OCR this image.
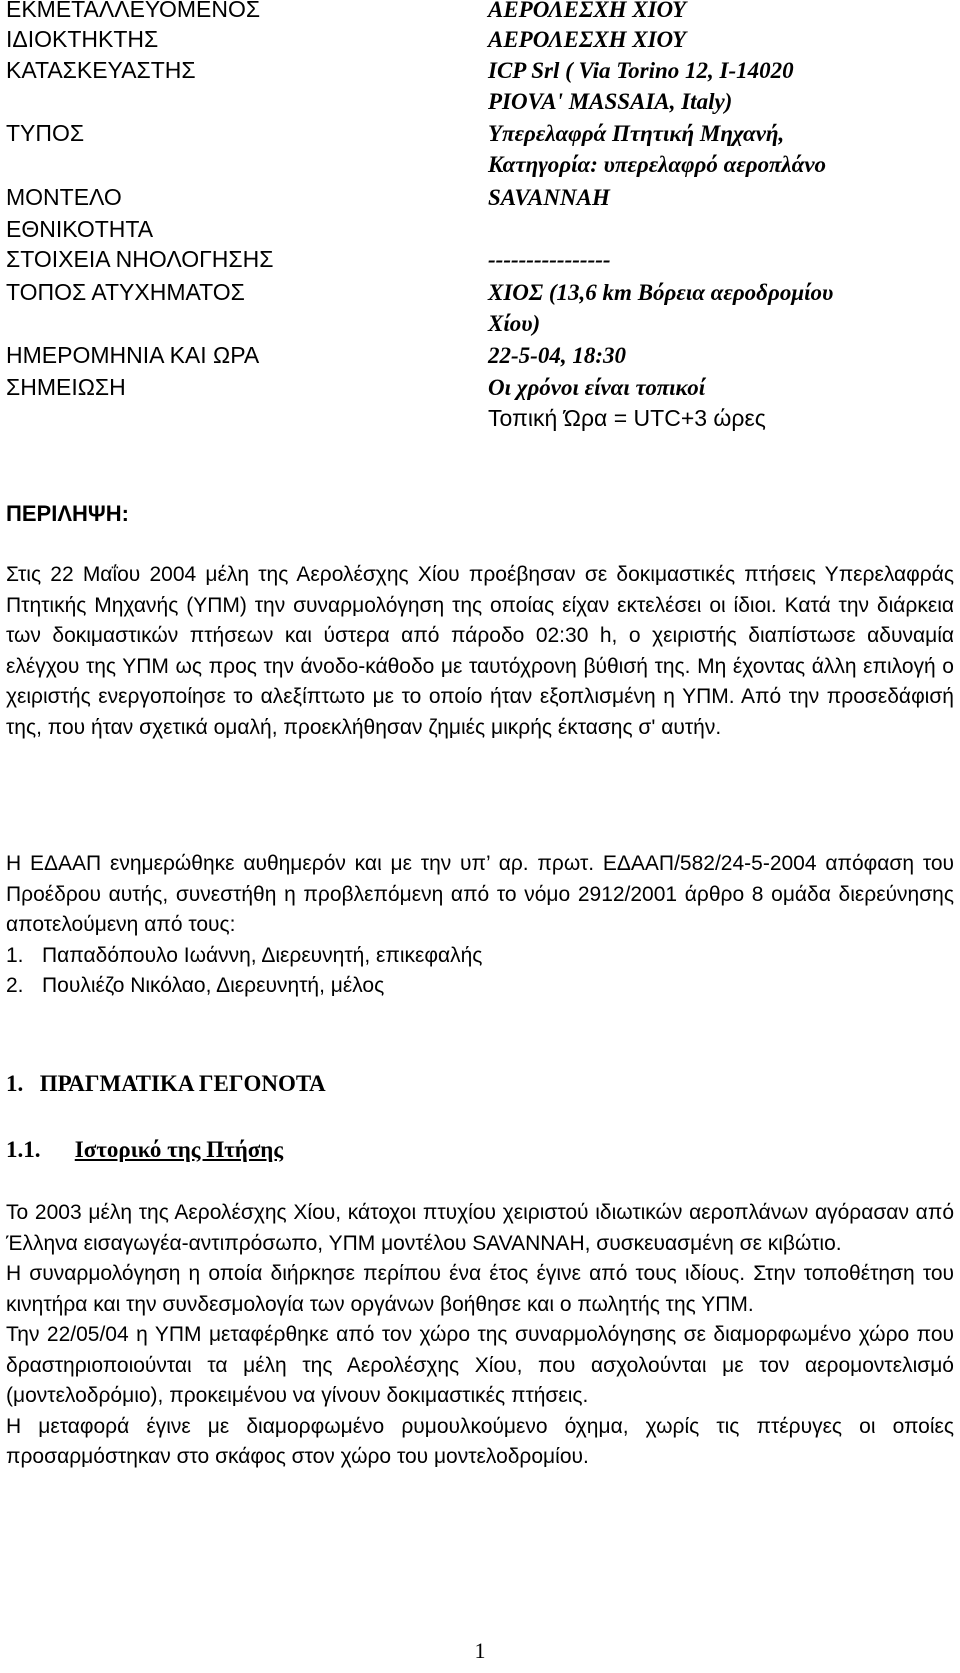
ΕΚΜΕΤΑΛΛΕΥΟΜΕΝΟΣ	ΑΕΡΟΛΕΣΧΗ ΧΙΟΥ
ΙΔΙΟΚΤΗΚΤΗΣ	ΑΕΡΟΛΕΣΧΗ ΧΙΟΥ
ΚΑΤΑΣΚΕΥΑΣΤΗΣ	ICP Srl ( Via Torino 12, I-14020
PIOVA' MASSAIA, Italy)
ΤΥΠΟΣ	Υπερελαφρά Πτητική Μηχανή,
Κατηγορία: υπερελαφρό αεροπλάνο
ΜΟΝΤΕΛΟ	SAVANNAH
ΕΘΝΙΚΟΤΗΤΑ
ΣΤΟΙΧΕΙΑ ΝΗΟΛΟΓΗΣΗΣ	----------------
ΤΟΠΟΣ ΑΤΥΧΗΜΑΤΟΣ	ΧΙΟΣ (13,6 km Βόρεια αεροδρομίου
Χίου)
ΗΜΕΡΟΜΗΝΙΑ ΚΑΙ ΩΡΑ	22-5-04, 18:30
ΣΗΜΕΙΩΣΗ	Οι χρόνοι είναι τοπικοί
Τοπική Ώρα = UTC+3 ώρες
ΠΕΡΙΛΗΨΗ:

Στις 22 Μαΐου 2004 μέλη της Αερολέσχης Χίου προέβησαν σε δοκιμαστικές πτήσεις Υπερελαφράς Πτητικής Μηχανής (ΥΠΜ) την συναρμολόγηση της οποίας είχαν εκτελέσει οι ίδιοι. Κατά την διάρκεια των δοκιμαστικών πτήσεων και ύστερα από πάροδο 02:30 h, ο χειριστής διαπίστωσε αδυναμία ελέγχου της ΥΠΜ ως προς την άνοδο-κάθοδο με ταυτόχρονη βύθισή της. Μη έχοντας άλλη επιλογή ο χειριστής ενεργοποίησε το αλεξίπτωτο με το οποίο ήταν εξοπλισμένη η ΥΠΜ. Από την προσεδάφισή της, που ήταν σχετικά ομαλή, προεκλήθησαν ζημιές μικρής έκτασης σ' αυτήν.

Η ΕΔΑΑΠ ενημερώθηκε αυθημερόν και με την υπ’ αρ. πρωτ. ΕΔΑΑΠ/582/24-5-2004 απόφαση του Προέδρου αυτής, συνεστήθη η προβλεπόμενη από το νόμο 2912/2001 άρθρο 8 ομάδα διερεύνησης αποτελούμενη από τους:
1. Παπαδόπουλο Ιωάννη, Διερευνητή, επικεφαλής
2. Πουλιέζο Νικόλαο, Διερευνητή, μέλος
1. ΠΡΑΓΜΑΤΙΚΑ ΓΕΓΟΝΟΤΑ
1.1. Ιστορικό της Πτήσης
Το 2003 μέλη της Αερολέσχης Χίου, κάτοχοι πτυχίου χειριστού ιδιωτικών αεροπλάνων αγόρασαν από Έλληνα εισαγωγέα-αντιπρόσωπο, ΥΠΜ μοντέλου SAVANNAH, συσκευασμένη σε κιβώτιο.
Η συναρμολόγηση η οποία διήρκησε περίπου ένα έτος έγινε από τους ιδίους. Στην τοποθέτηση του κινητήρα και την συνδεσμολογία των οργάνων βοήθησε και ο πωλητής της ΥΠΜ.
Την 22/05/04 η ΥΠΜ μεταφέρθηκε από τον χώρο της συναρμολόγησης σε διαμορφωμένο χώρο που δραστηριοποιούνται τα μέλη της Αερολέσχης Χίου, που ασχολούνται με τον αερομοντελισμό (μοντελοδρόμιο), προκειμένου να γίνουν δοκιμαστικές πτήσεις.
Η μεταφορά έγινε με διαμορφωμένο ρυμουλκούμενο όχημα, χωρίς τις πτέρυγες οι οποίες προσαρμόστηκαν στο σκάφος στον χώρο του μοντελοδρομίου.
1
